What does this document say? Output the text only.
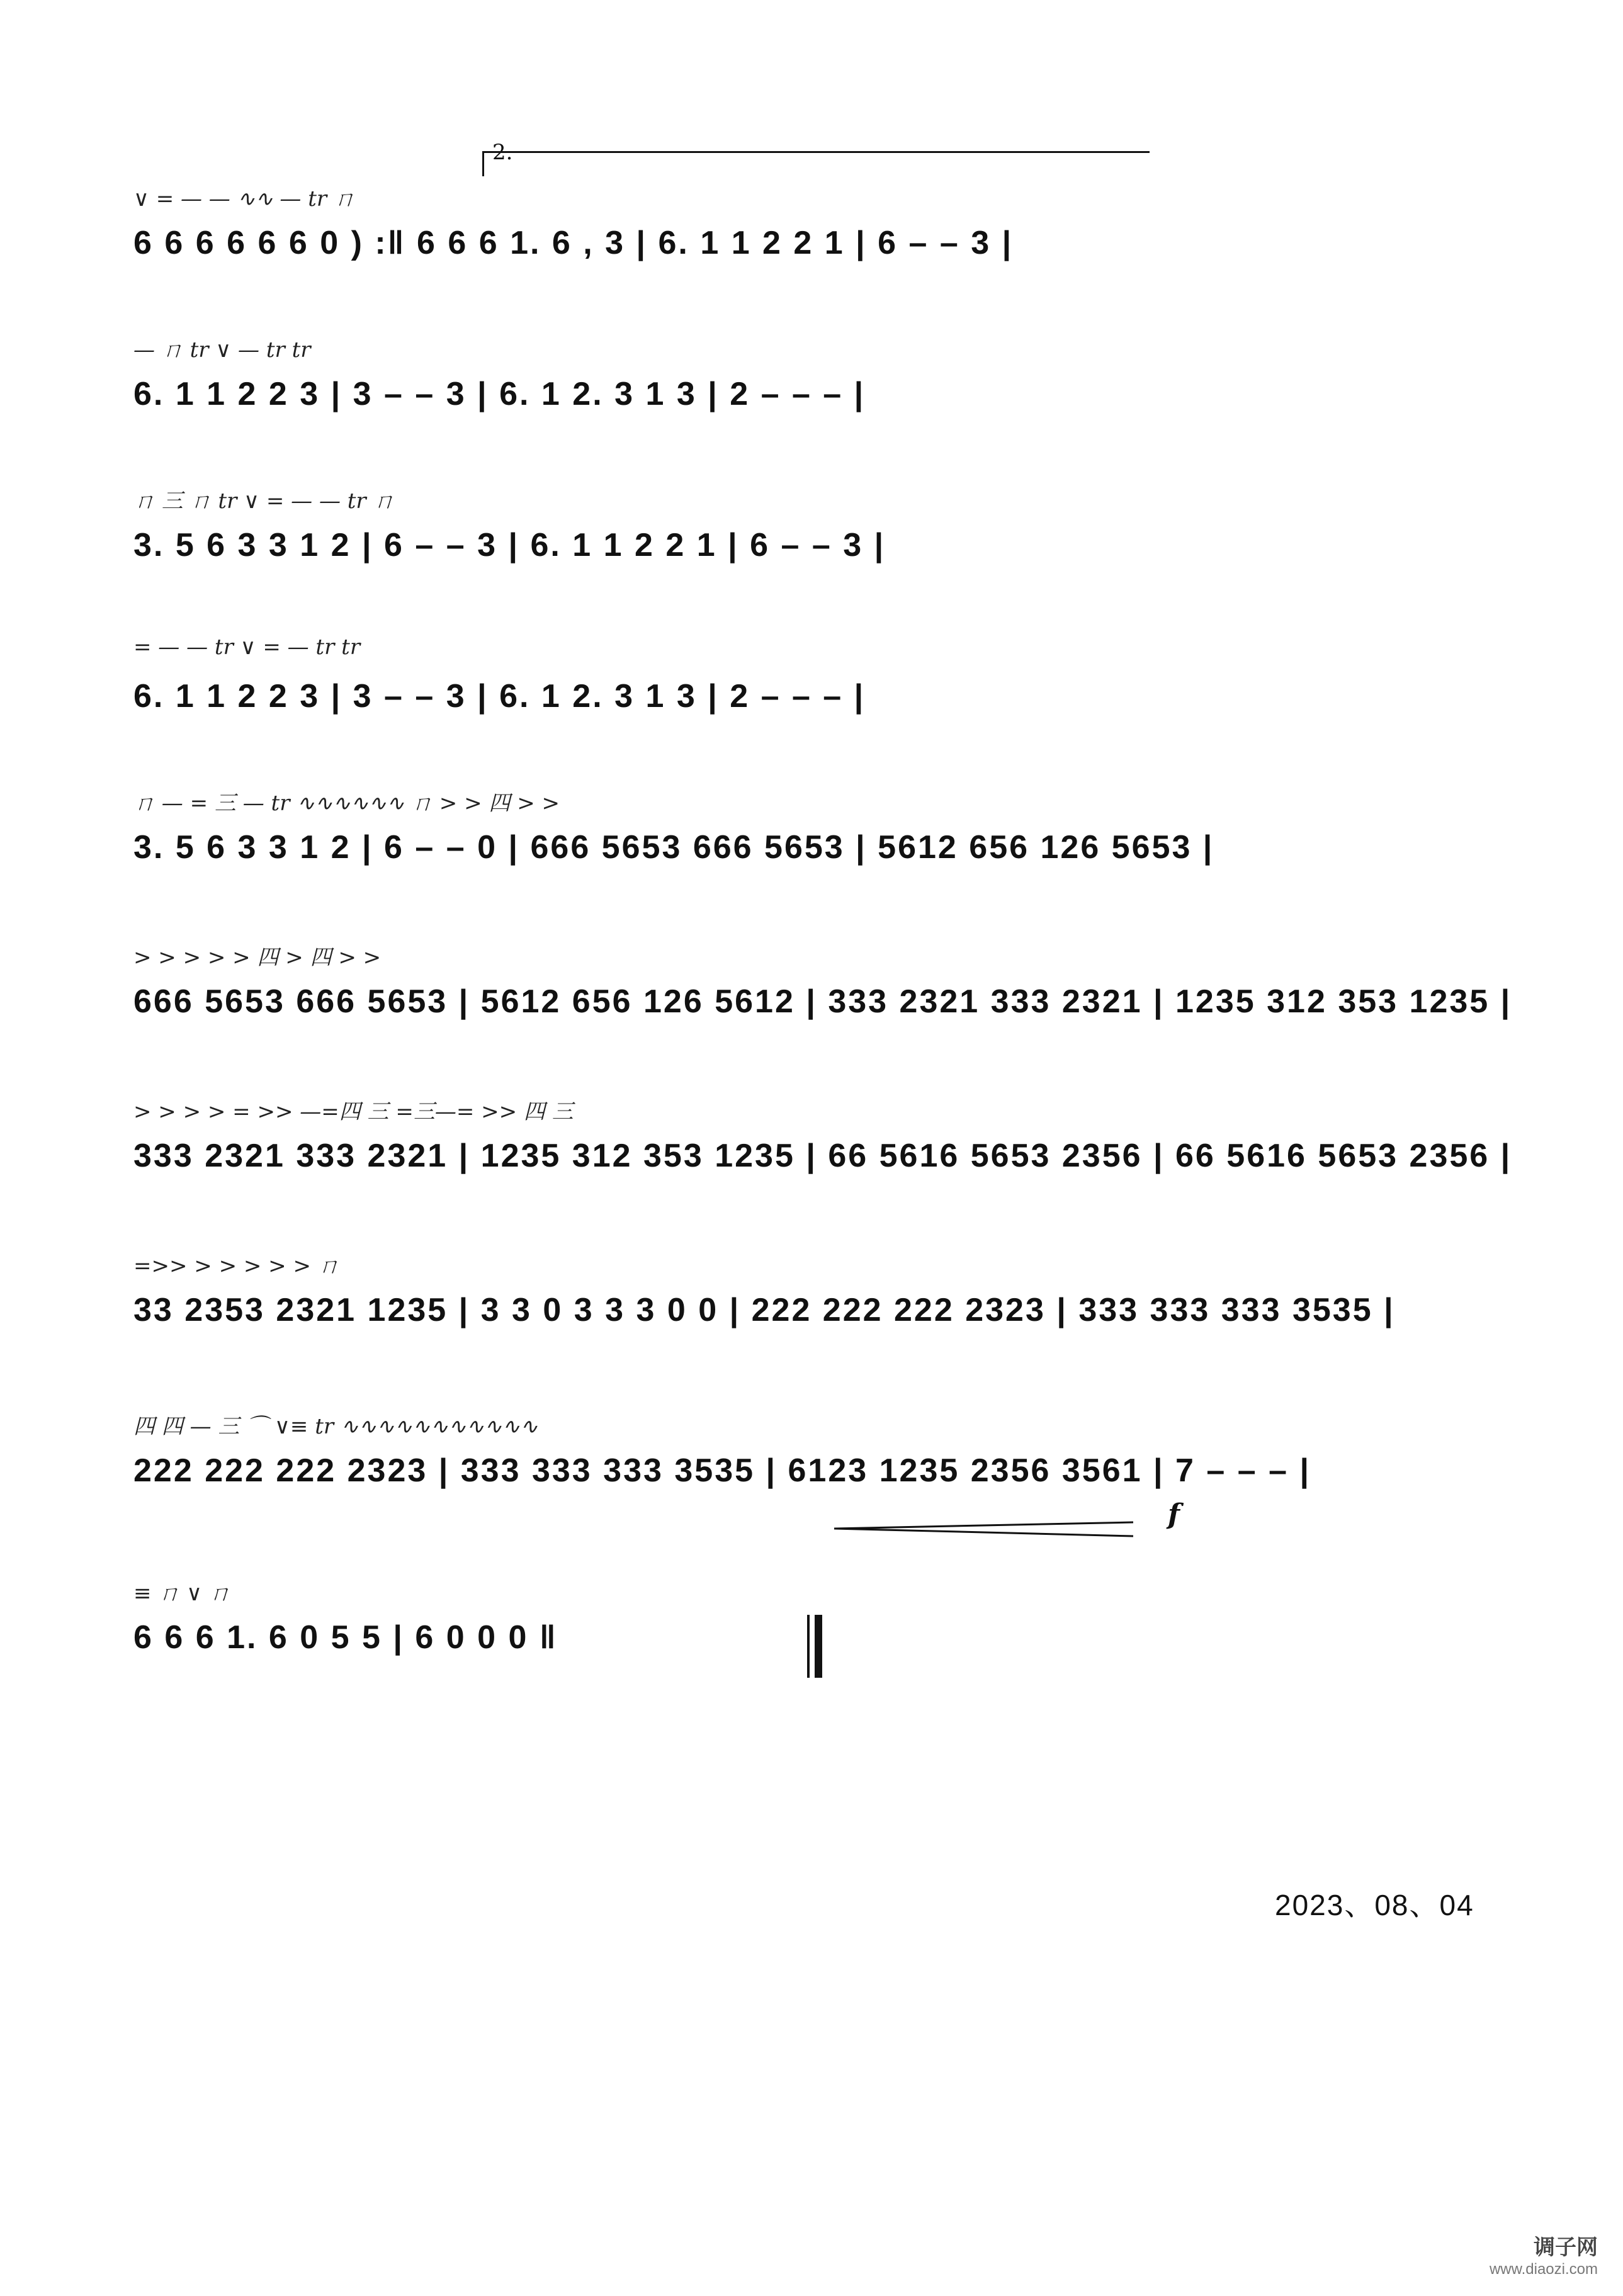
2.
∨ = — — ∿∿ — tr ㄇ
6 6 6 6 6 6 0 ) :‖ 6 6 6 1. 6 , 3 | 6. 1 1 2 2 1 | 6 – – 3 |
— ㄇ tr ∨ — tr tr
6. 1 1 2 2 3 | 3 – – 3 | 6. 1 2. 3 1 3 | 2 – – – |
ㄇ 三 ㄇ tr ∨ = — — tr ㄇ
3. 5 6 3 3 1 2 | 6 – – 3 | 6. 1 1 2 2 1 | 6 – – 3 |
= — — tr ∨ = — tr tr
6. 1 1 2 2 3 | 3 – – 3 | 6. 1 2. 3 1 3 | 2 – – – |
ㄇ — = 三 — tr ∿∿∿∿∿∿ ㄇ > > 四 > >
3. 5 6 3 3 1 2 | 6 – – 0 | 666 5653 666 5653 | 5612 656 126 5653 |
> > > > > 四 > 四 > >
666 5653 666 5653 | 5612 656 126 5612 | 333 2321 333 2321 | 1235 312 353 1235 |
> > > > = >> —=四 三 =三—= >> 四 三
333 2321 333 2321 | 1235 312 353 1235 | 66 5616 5653 2356 | 66 5616 5653 2356 |
=>> > > > > > ㄇ
33 2353 2321 1235 | 3 3 0 3 3 3 0 0 | 222 222 222 2323 | 333 333 333 3535 |
四 四 — 三 ⌒ ∨≡ tr ∿∿∿∿∿∿∿∿∿∿∿
222 222 222 2323 | 333 333 333 3535 | 6123 1235 2356 3561 | 7 – – – |
f
≡ ㄇ ∨ ㄇ
6 6 6 1. 6 0 5 5 | 6 0 0 0 ‖
2023、08、04
调子网
www.diaozi.com
